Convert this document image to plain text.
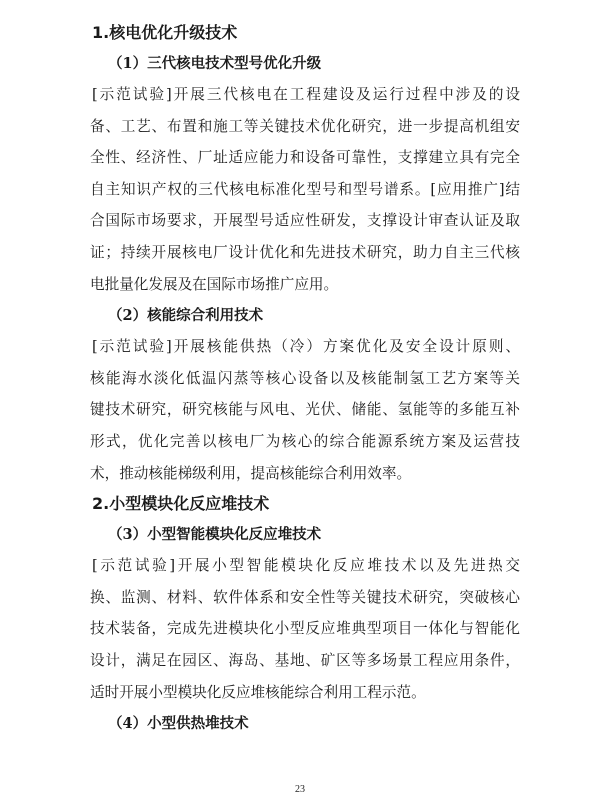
1.核电优化升级技术
（1）三代核电技术型号优化升级

[示范试验]开展三代核电在工程建设及运行过程中涉及的设
备、工艺、布置和施工等关键技术优化研究，进一步提高机组安
全性、经济性、厂址适应能力和设备可靠性，支撑建立具有完全
自主知识产权的三代核电标准化型号和型号谱系。[应用推广]结
合国际市场要求，开展型号适应性研发，支撑设计审查认证及取
证；持续开展核电厂设计优化和先进技术研究，助力自主三代核
电批量化发展及在国际市场推广应用。

（2）核能综合利用技术

[示范试验]开展核能供热（冷）方案优化及安全设计原则、
核能海水淡化低温闪蒸等核心设备以及核能制氢工艺方案等关
键技术研究，研究核能与风电、光伏、储能、氢能等的多能互补
形式，优化完善以核电厂为核心的综合能源系统方案及运营技
术，推动核能梯级利用，提高核能综合利用效率。

2.小型模块化反应堆技术
（3）小型智能模块化反应堆技术

[示范试验]开展小型智能模块化反应堆技术以及先进热交
换、监测、材料、软件体系和安全性等关键技术研究，突破核心
技术装备，完成先进模块化小型反应堆典型项目一体化与智能化
设计，满足在园区、海岛、基地、矿区等多场景工程应用条件，
适时开展小型模块化反应堆核能综合利用工程示范。

（4）小型供热堆技术
23
